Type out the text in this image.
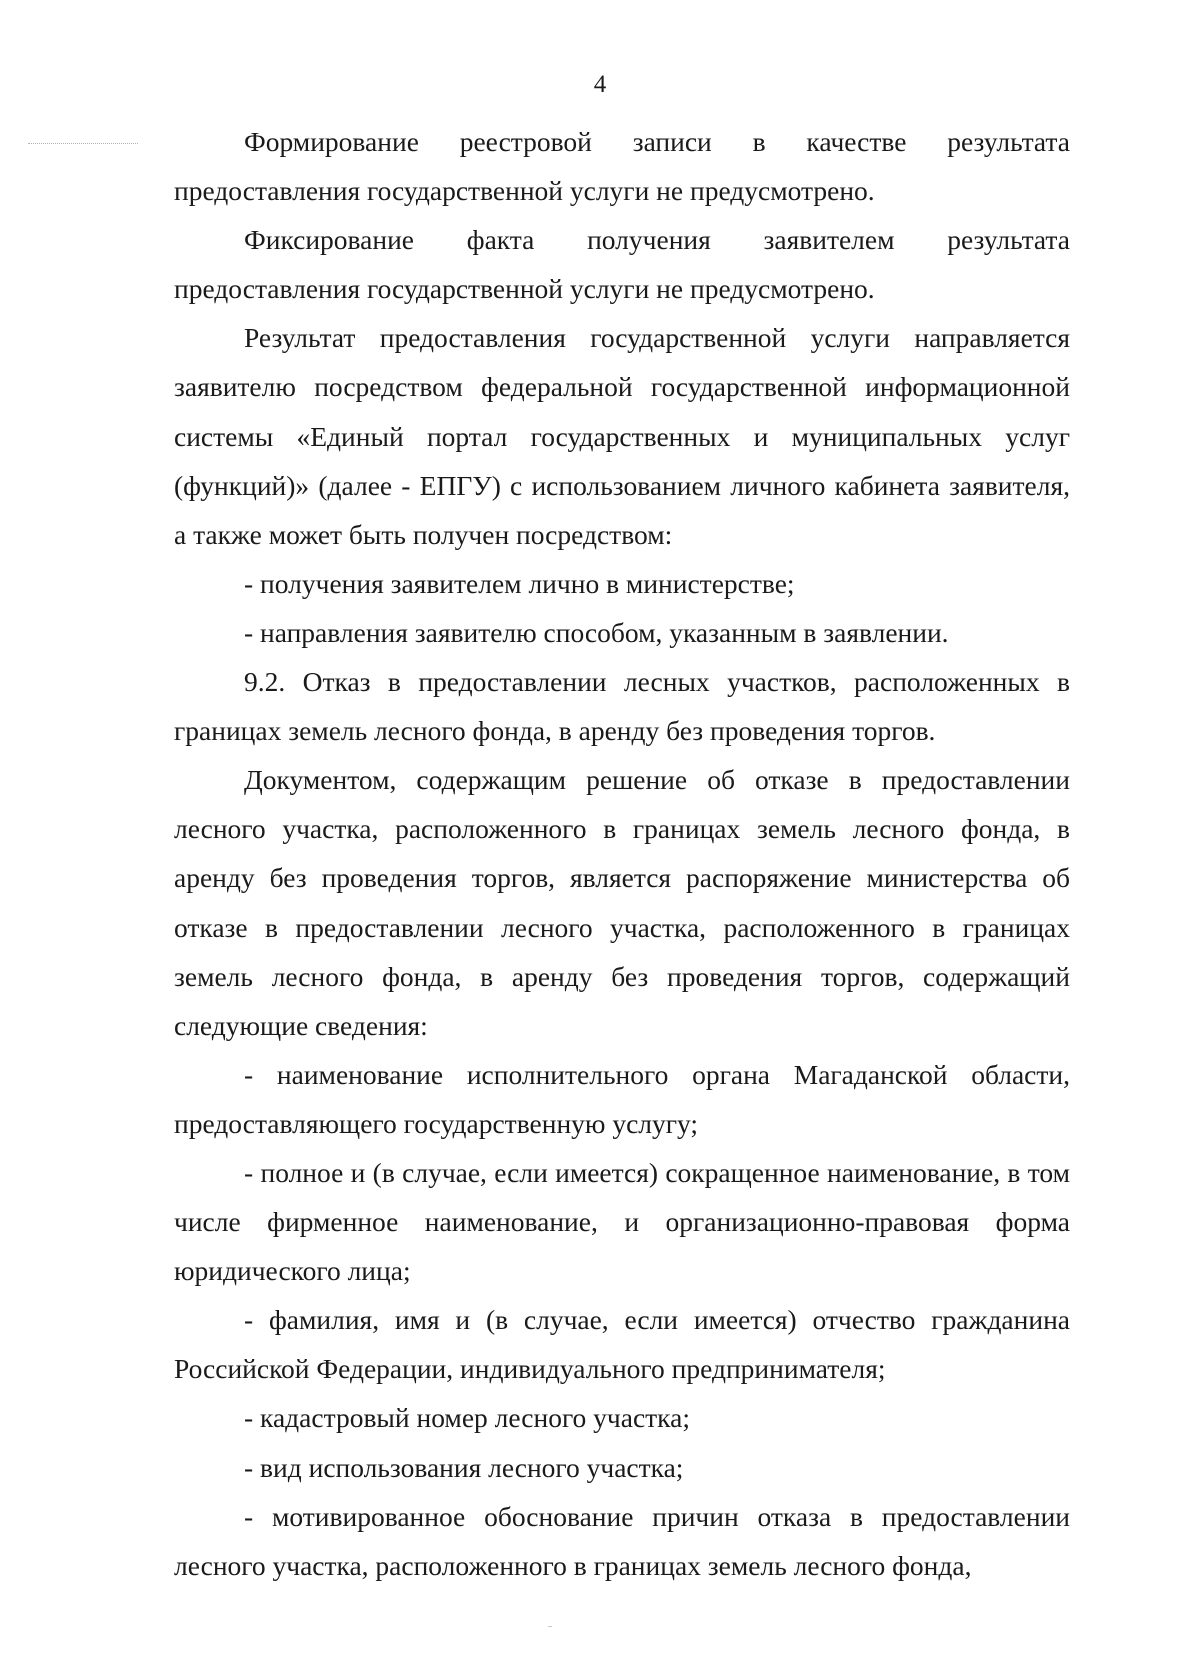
4

Формирование реестровой записи в качестве результата предоставления государственной услуги не предусмотрено.

Фиксирование факта получения заявителем результата предоставления государственной услуги не предусмотрено.

Результат предоставления государственной услуги направляется заявителю посредством федеральной государственной информационной системы «Единый портал государственных и муниципальных услуг (функций)» (далее - ЕПГУ) с использованием личного кабинета заявителя, а также может быть получен посредством:

- получения заявителем лично в министерстве;

- направления заявителю способом, указанным в заявлении.

9.2. Отказ в предоставлении лесных участков, расположенных в границах земель лесного фонда, в аренду без проведения торгов.

Документом, содержащим решение об отказе в предоставлении лесного участка, расположенного в границах земель лесного фонда, в аренду без проведения торгов, является распоряжение министерства об отказе в предоставлении лесного участка, расположенного в границах земель лесного фонда, в аренду без проведения торгов, содержащий следующие сведения:

- наименование исполнительного органа Магаданской области, предоставляющего государственную услугу;

- полное и (в случае, если имеется) сокращенное наименование, в том числе фирменное наименование, и организационно-правовая форма юридического лица;

- фамилия, имя и (в случае, если имеется) отчество гражданина Российской Федерации, индивидуального предпринимателя;

- кадастровый номер лесного участка;

- вид использования лесного участка;

- мотивированное обоснование причин отказа в предоставлении лесного участка, расположенного в границах земель лесного фонда,
